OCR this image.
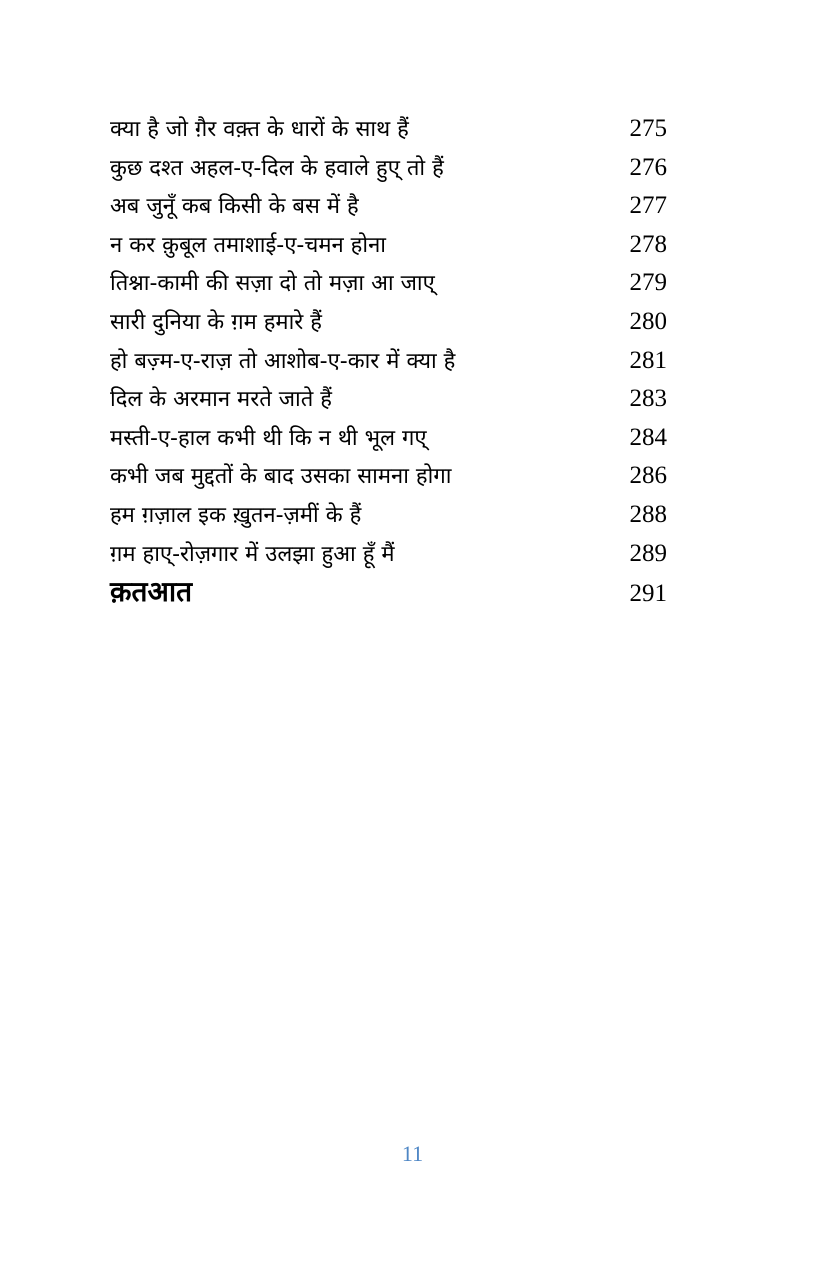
क्या है जो ग़ैर वक़्त के धारों के साथ हैं	275
कुछ दश्त अहल-ए-दिल के हवाले हुए् तो हैं	276
अब जुनूँ कब किसी के बस में है	277
न कर क़ुबूल तमाशाई-ए-चमन होना	278
तिश्ना-कामी की सज़ा दो तो मज़ा आ जाए्	279
सारी दुनिया के ग़म हमारे हैं	280
हो बज़्म-ए-राज़ तो आशोब-ए-कार में क्या है	281
दिल के अरमान मरते जाते हैं	283
मस्ती-ए-हाल कभी थी कि न थी भूल गए्	284
कभी जब मुद्दतों के बाद उसका सामना होगा	286
हम ग़ज़ाल इक ख़ुतन-ज़मीं के हैं	288
ग़म हाए्-रोज़गार में उलझा हुआ हूँ मैं	289
क़तआत	291
11
